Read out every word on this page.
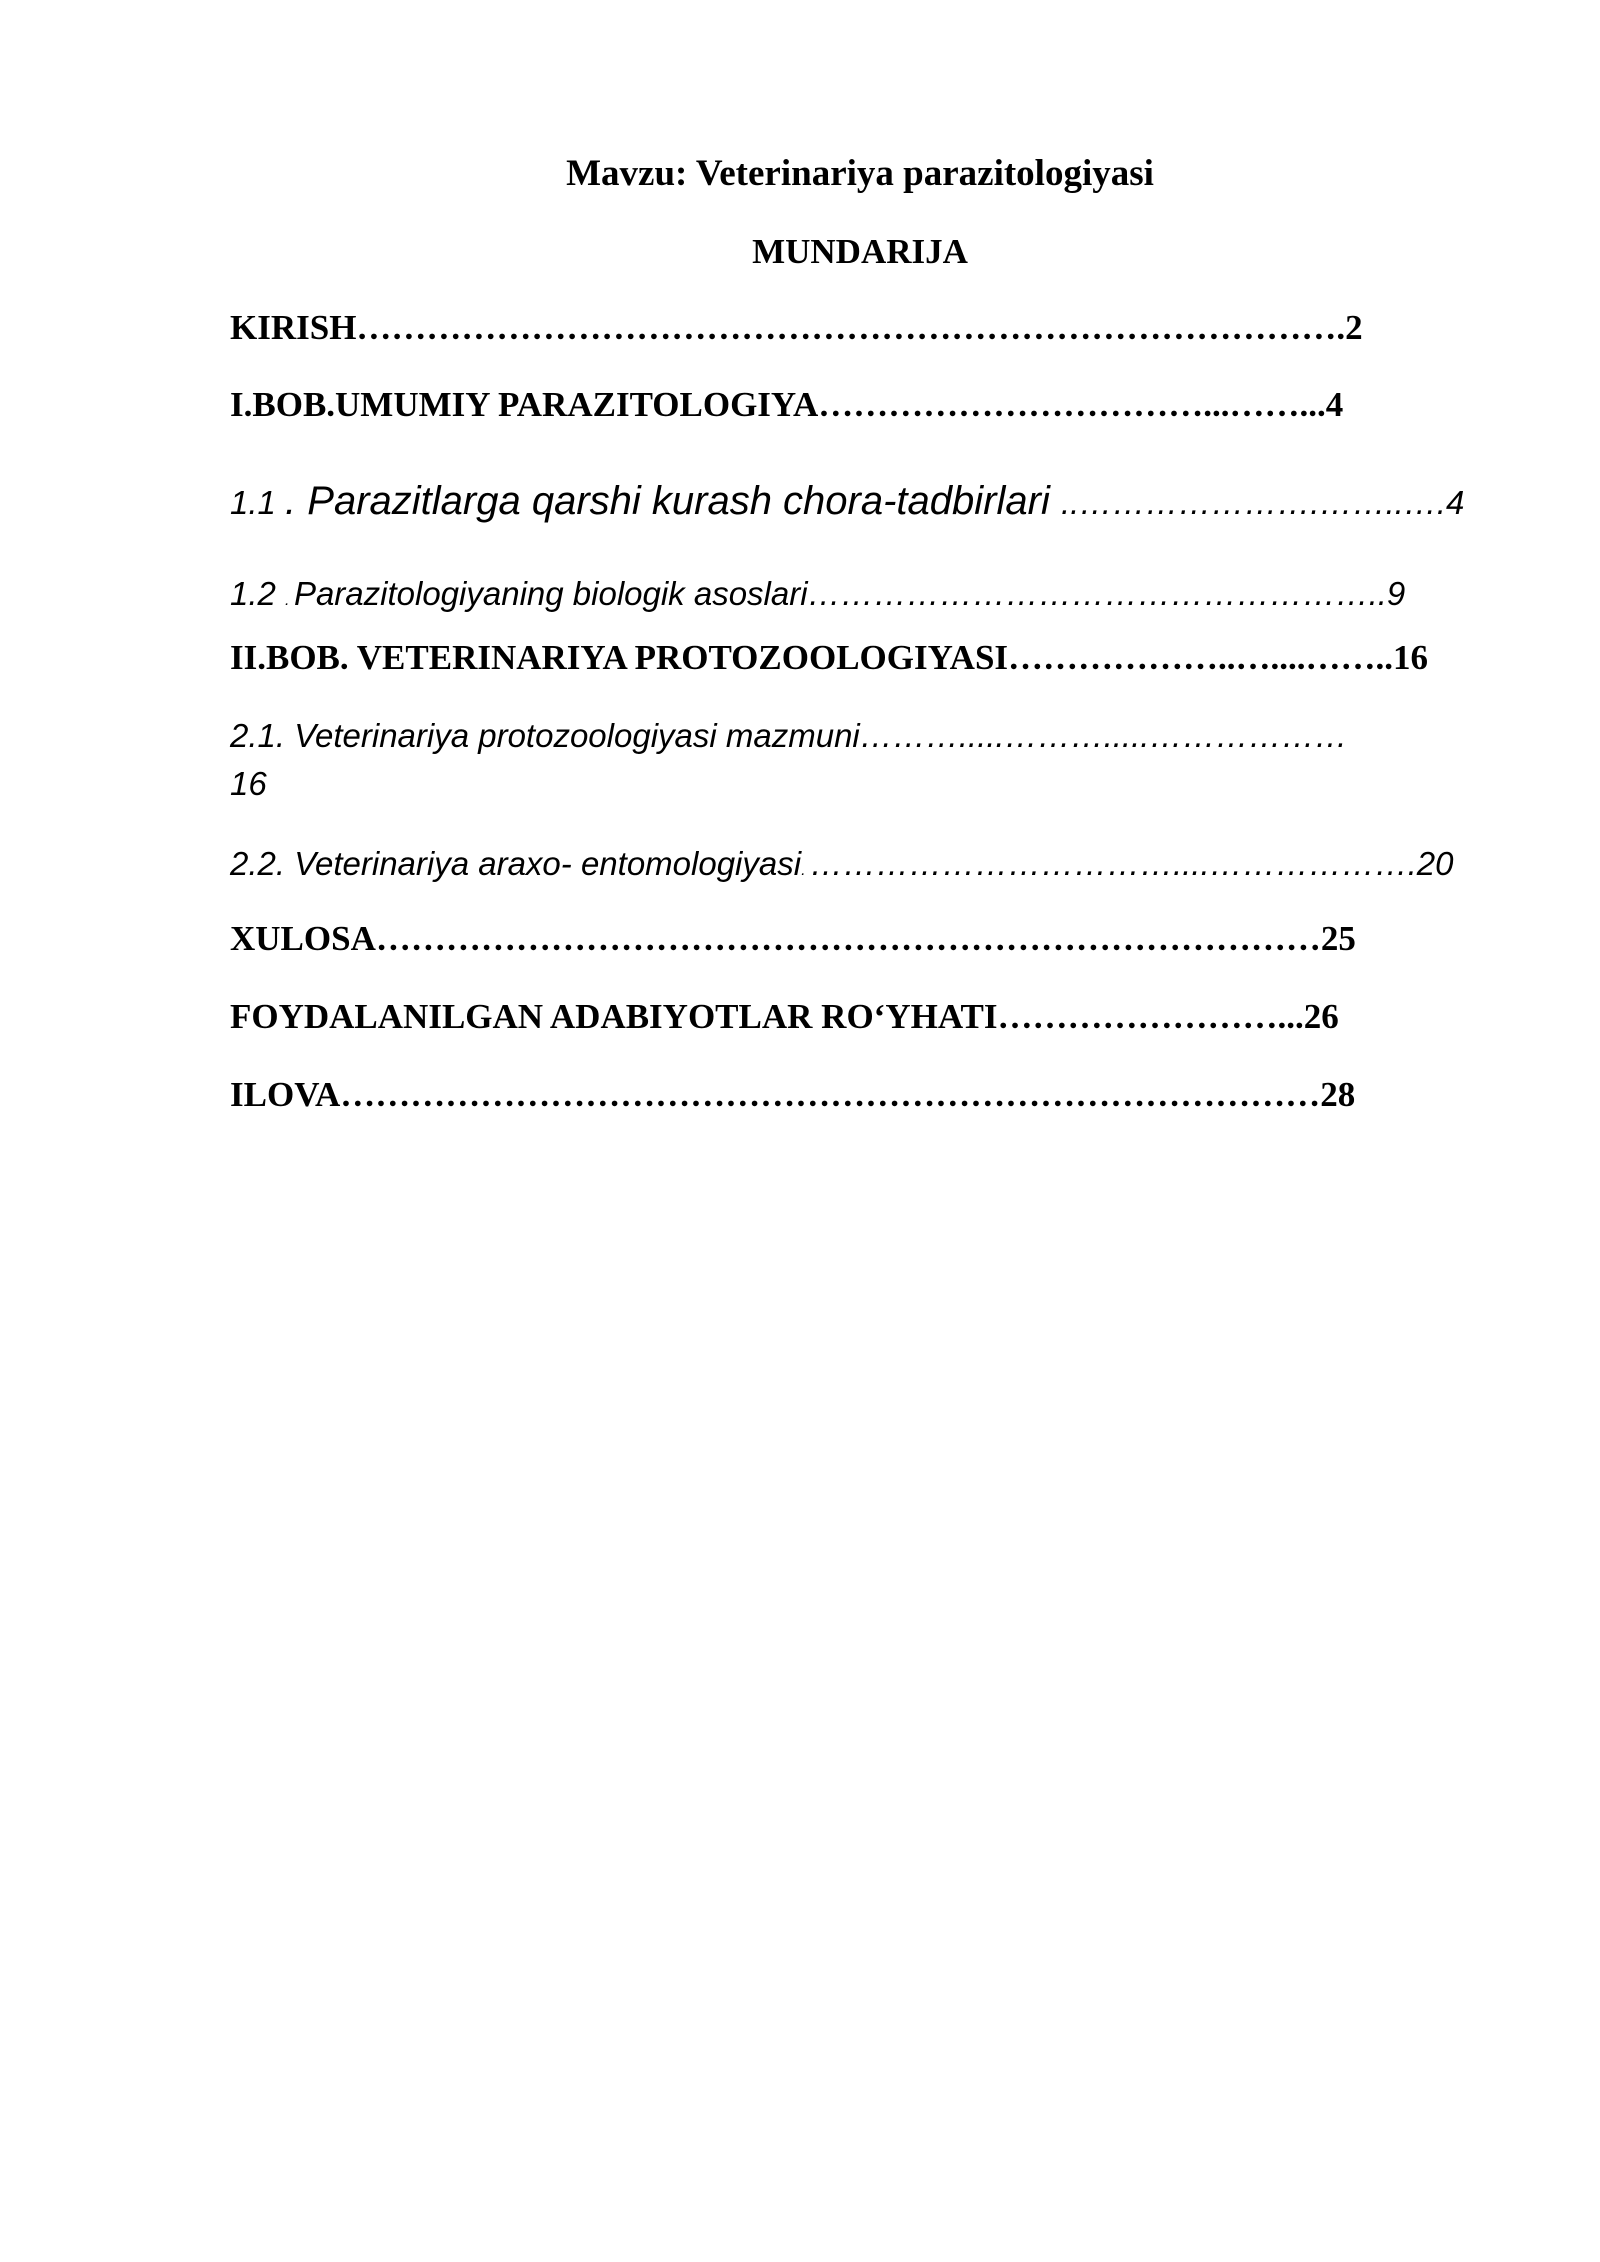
Mavzu: Veterinariya parazitologiyasi
MUNDARIJA
KIRISH………………………………………………………………………….2
I.BOB.UMUMIY PARAZITOLOGIYA……………………………...……...4
1.1 . Parazitlarga qarshi kurash chora-tadbirlari ..………………….……..….4
1.2 . Parazitologiyaning biologik asoslari……………………………………………..9
II.BOB. VETERINARIYA PROTOZOOLOGIYASI………………..…....……..16
2.1. Veterinariya protozoologiyasi mazmuni……….....……….....………………
16
2.2. Veterinariya araxo- entomologiyasi. ……………………………....……………….20
XULOSA………………………………………………………………………25
FOYDALANILGAN ADABIYOTLAR RO‘YHATI……………………...26
ILOVA…………………………………………………………………………28
